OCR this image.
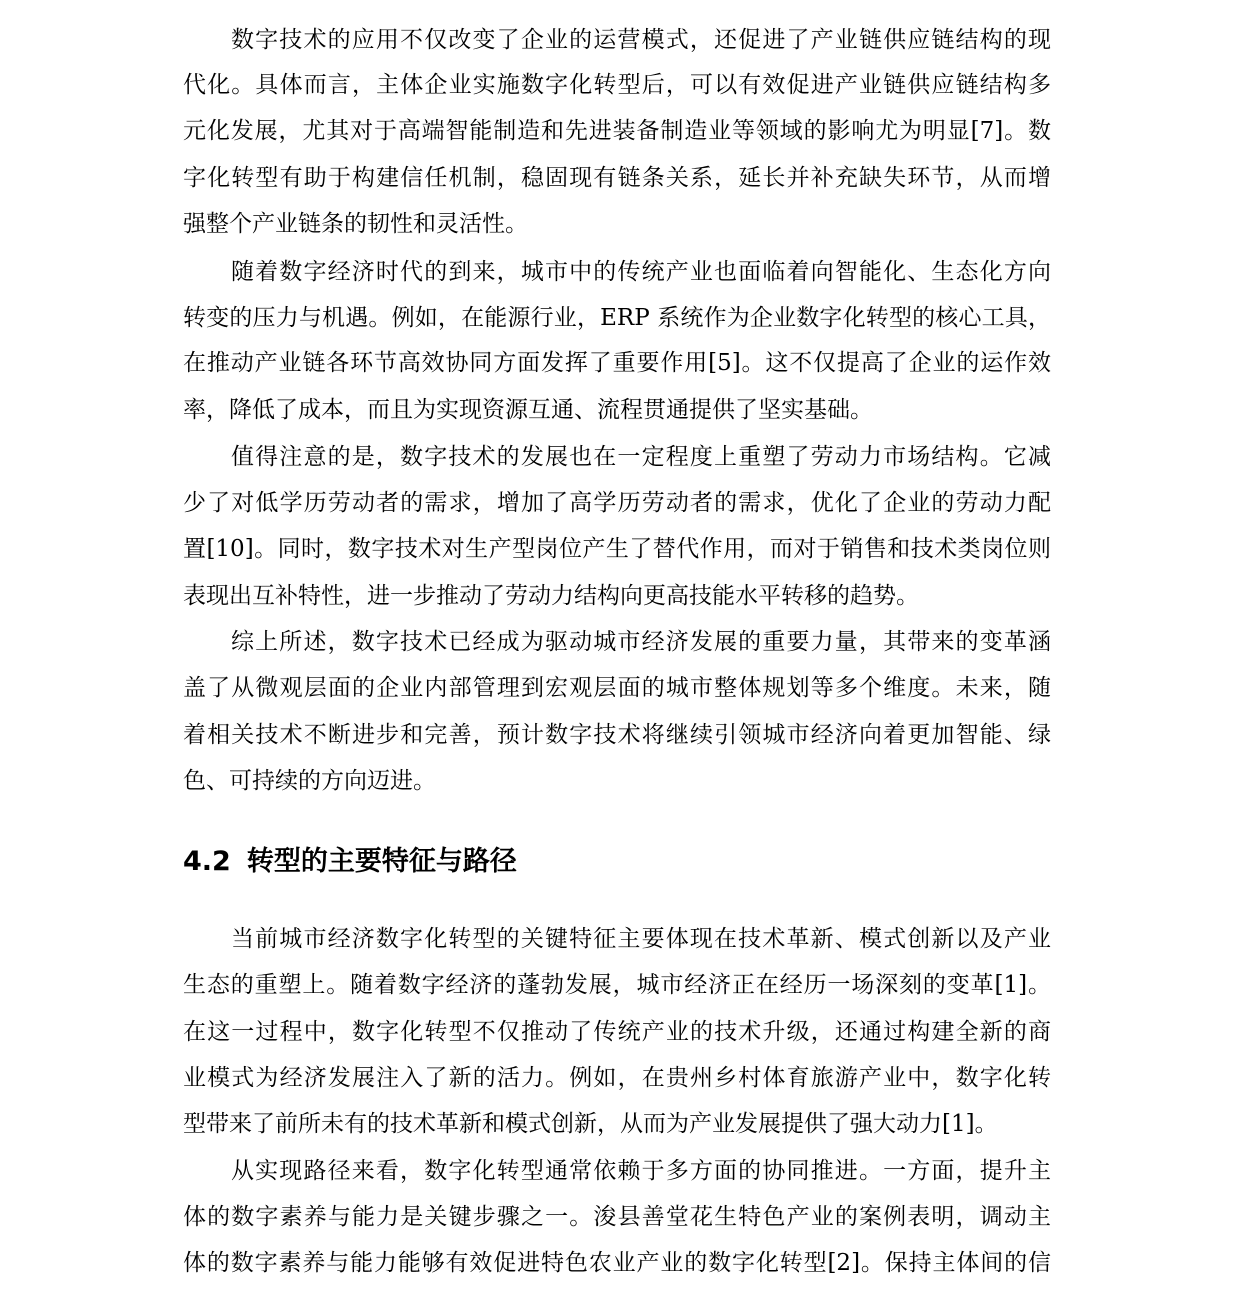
数字技术的应用不仅改变了企业的运营模式，还促进了产业链供应链结构的现
代化。具体而言，主体企业实施数字化转型后，可以有效促进产业链供应链结构多
元化发展，尤其对于高端智能制造和先进装备制造业等领域的影响尤为明显[7]。数
字化转型有助于构建信任机制，稳固现有链条关系，延长并补充缺失环节，从而增
强整个产业链条的韧性和灵活性。
随着数字经济时代的到来，城市中的传统产业也面临着向智能化、生态化方向
转变的压力与机遇。例如，在能源行业，ERP 系统作为企业数字化转型的核心工具，
在推动产业链各环节高效协同方面发挥了重要作用[5]。这不仅提高了企业的运作效
率，降低了成本，而且为实现资源互通、流程贯通提供了坚实基础。
值得注意的是，数字技术的发展也在一定程度上重塑了劳动力市场结构。它减
少了对低学历劳动者的需求，增加了高学历劳动者的需求，优化了企业的劳动力配
置[10]。同时，数字技术对生产型岗位产生了替代作用，而对于销售和技术类岗位则
表现出互补特性，进一步推动了劳动力结构向更高技能水平转移的趋势。
综上所述，数字技术已经成为驱动城市经济发展的重要力量，其带来的变革涵
盖了从微观层面的企业内部管理到宏观层面的城市整体规划等多个维度。未来，随
着相关技术不断进步和完善，预计数字技术将继续引领城市经济向着更加智能、绿
色、可持续的方向迈进。
4.2 转型的主要特征与路径
当前城市经济数字化转型的关键特征主要体现在技术革新、模式创新以及产业
生态的重塑上。随着数字经济的蓬勃发展，城市经济正在经历一场深刻的变革[1]。
在这一过程中，数字化转型不仅推动了传统产业的技术升级，还通过构建全新的商
业模式为经济发展注入了新的活力。例如，在贵州乡村体育旅游产业中，数字化转
型带来了前所未有的技术革新和模式创新，从而为产业发展提供了强大动力[1]。
从实现路径来看，数字化转型通常依赖于多方面的协同推进。一方面，提升主
体的数字素养与能力是关键步骤之一。浚县善堂花生特色产业的案例表明，调动主
体的数字素养与能力能够有效促进特色农业产业的数字化转型[2]。保持主体间的信
